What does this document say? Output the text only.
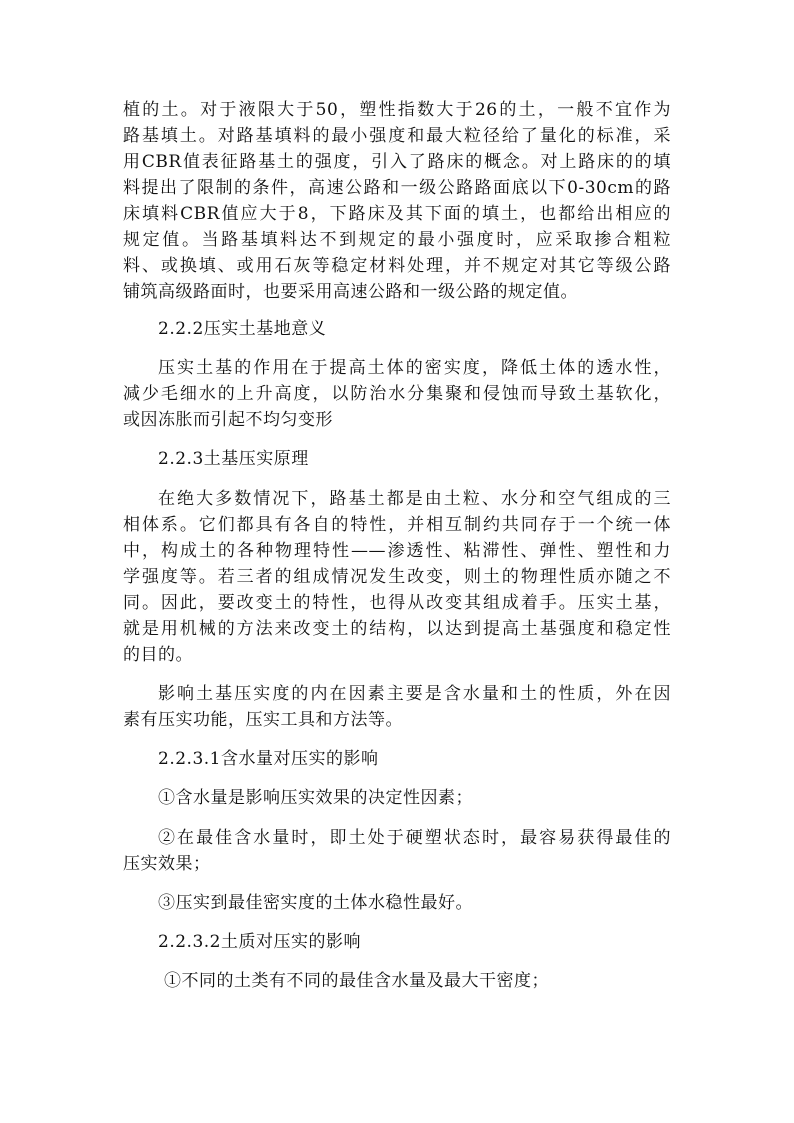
植的土。对于液限大于50，塑性指数大于26的土，一般不宜作为
路基填土。对路基填料的最小强度和最大粒径给了量化的标准，采
用CBR值表征路基土的强度，引入了路床的概念。对上路床的的填
料提出了限制的条件，高速公路和一级公路路面底以下0-30cm的路
床填料CBR值应大于8，下路床及其下面的填土，也都给出相应的
规定值。当路基填料达不到规定的最小强度时，应采取掺合粗粒
料、或换填、或用石灰等稳定材料处理，并不规定对其它等级公路
铺筑高级路面时，也要采用高速公路和一级公路的规定值。
2.2.2压实土基地意义
压实土基的作用在于提高土体的密实度，降低土体的透水性，
减少毛细水的上升高度，以防治水分集聚和侵蚀而导致土基软化，
或因冻胀而引起不均匀变形
2.2.3土基压实原理
在绝大多数情况下，路基土都是由土粒、水分和空气组成的三
相体系。它们都具有各自的特性，并相互制约共同存于一个统一体
中，构成土的各种物理特性——渗透性、粘滞性、弹性、塑性和力
学强度等。若三者的组成情况发生改变，则土的物理性质亦随之不
同。因此，要改变土的特性，也得从改变其组成着手。压实土基，
就是用机械的方法来改变土的结构，以达到提高土基强度和稳定性
的目的。
影响土基压实度的内在因素主要是含水量和土的性质，外在因
素有压实功能，压实工具和方法等。
2.2.3.1含水量对压实的影响
①含水量是影响压实效果的决定性因素；
②在最佳含水量时，即土处于硬塑状态时，最容易获得最佳的
压实效果；
③压实到最佳密实度的土体水稳性最好。
2.2.3.2土质对压实的影响
①不同的土类有不同的最佳含水量及最大干密度；
